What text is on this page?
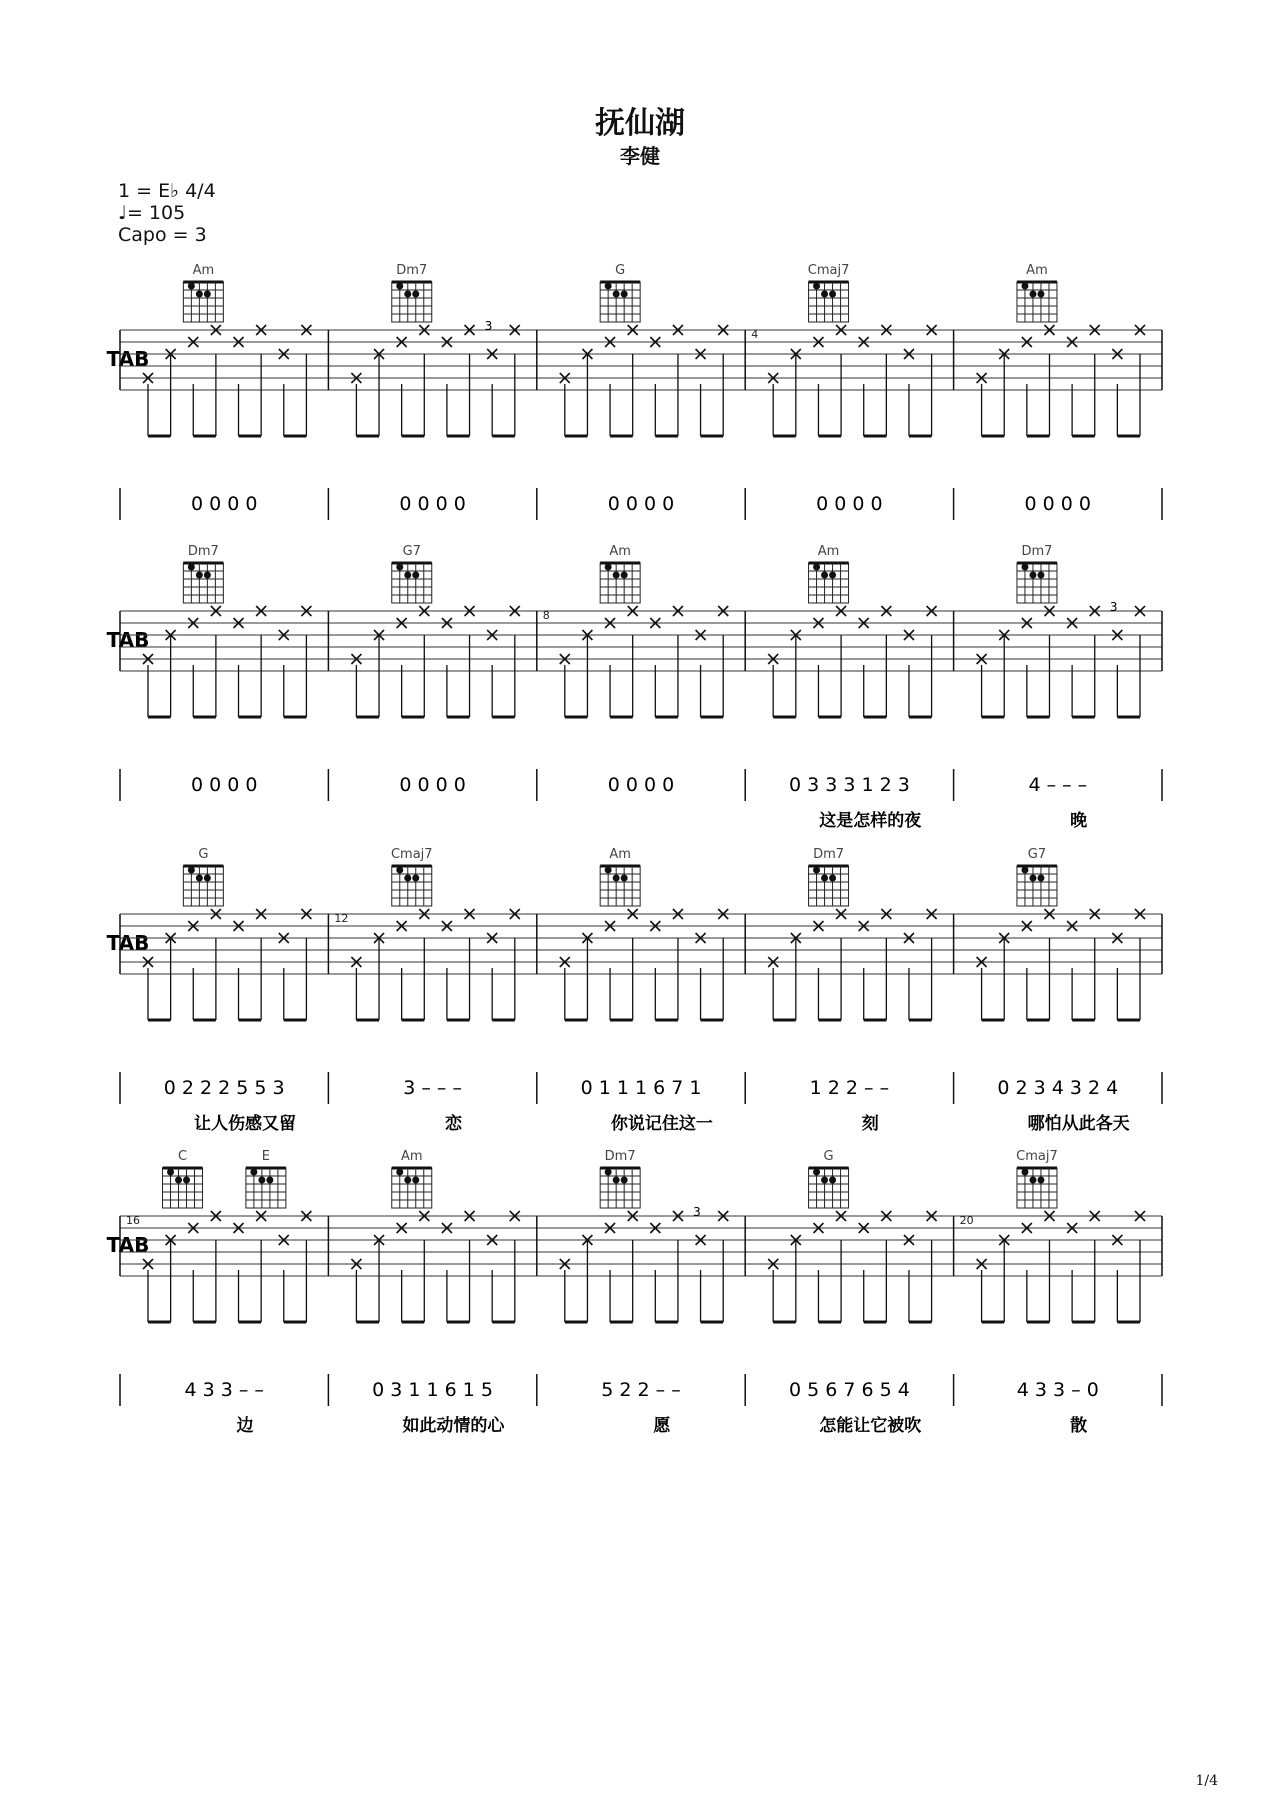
抚仙湖
李健
1 = E♭ 4/4
♩= 105
Capo = 3
TAB
Am
0 0 0 0
Dm7
3
0 0 0 0
G
0 0 0 0
Cmaj7
4
0 0 0 0
Am
0 0 0 0
TAB
Dm7
0 0 0 0
G7
0 0 0 0
Am
8
0 0 0 0
Am
0 3 3 3 1 2 3
这是怎样的夜
Dm7
3
4 – – –
晚
TAB
G
0 2 2 2 5 5 3
让人伤感又留
Cmaj7
12
3 – – –
恋
Am
0 1 1 1 6 7 1
你说记住这一
Dm7
1 2 2 – –
刻
G7
0 2 3 4 3 2 4
哪怕从此各天
TAB
C	E
16
4 3 3 – –
边
Am
0 3 1 1 6 1 5
如此动情的心
Dm7
3
5 2 2 – –
愿
G
0 5 6 7 6 5 4
怎能让它被吹
Cmaj7
20
4 3 3 – 0
散
1/4
